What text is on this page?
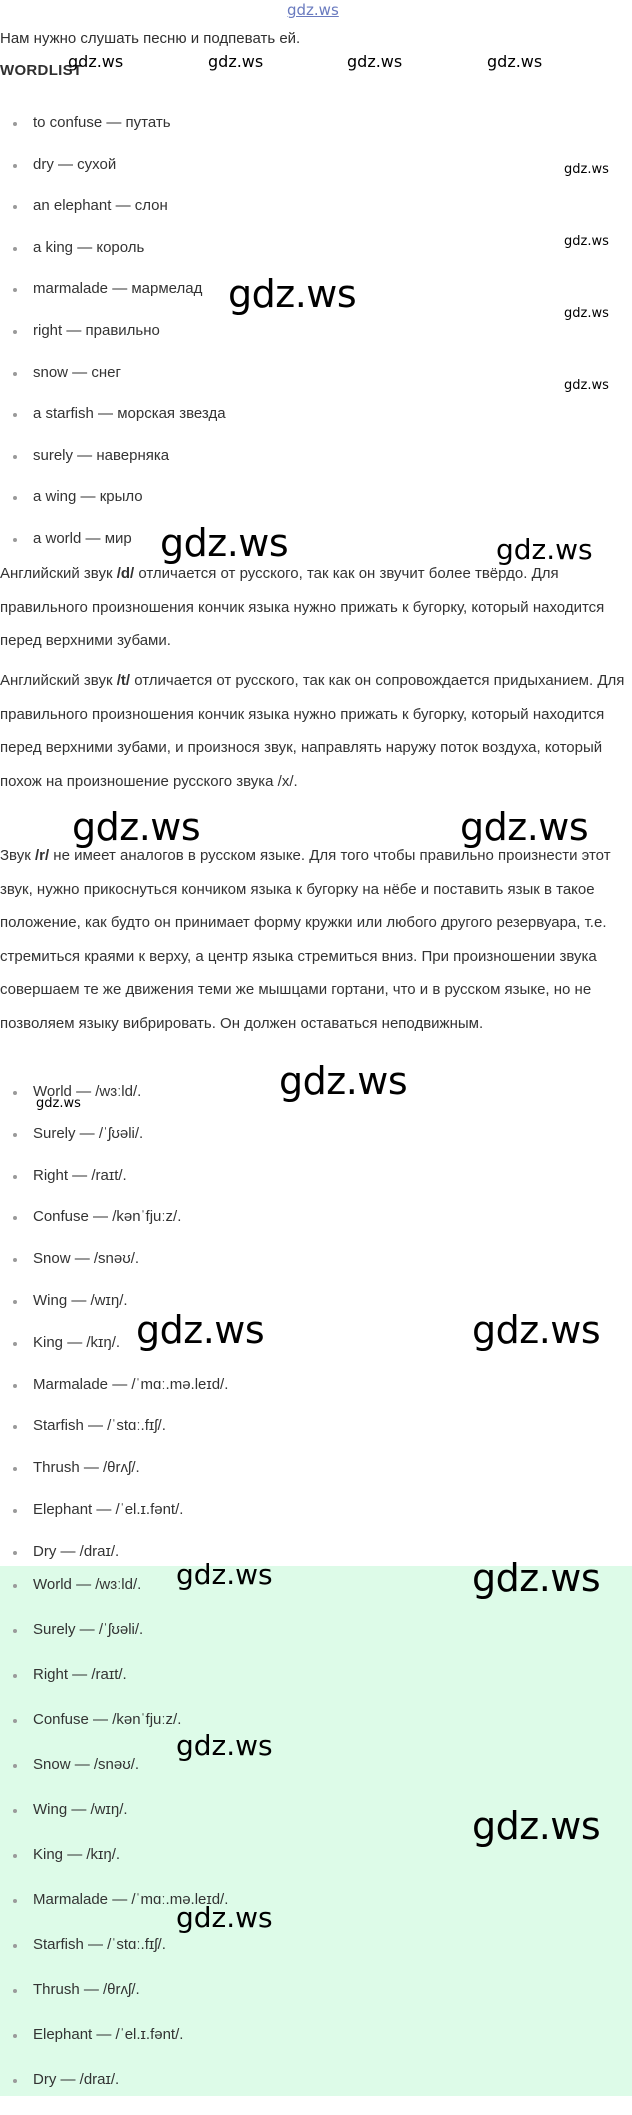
gdz.ws
Нам нужно слушать песню и подпевать ей.
WORDLIST
to confuse — путать
dry — сухой
an elephant — слон
a king — король
marmalade — мармелад
right — правильно
snow — снег
a starfish — морская звезда
surely — наверняка
a wing — крыло
a world — мир

Английский звук /d/ отличается от русского, так как он звучит более твёрдо. Для правильного произношения кончик языка нужно прижать к бугорку, который находится перед верхними зубами.

Английский звук /t/ отличается от русского, так как он сопровождается придыханием. Для правильного произношения кончик языка нужно прижать к бугорку, который находится перед верхними зубами, и произнося звук, направлять наружу поток воздуха, который похож на произношение русского звука /х/.

Звук /r/ не имеет аналогов в русском языке. Для того чтобы правильно произнести этот звук, нужно прикоснуться кончиком языка к бугорку на нёбе и поставить язык в такое положение, как будто он принимает форму кружки или любого другого резервуара, т.е. стремиться краями к верху, а центр языка стремиться вниз. При произношении звука совершаем те же движения теми же мышцами гортани, что и в русском языке, но не позволяем языку вибрировать. Он должен оставаться неподвижным.

World — /wɜːld/.
Surely — /ˈʃʊəli/.
Right — /raɪt/.
Confuse — /kənˈfjuːz/.
Snow — /snəʊ/.
Wing — /wɪŋ/.
King — /kɪŋ/.
Marmalade — /ˈmɑː.mə.leɪd/.
Starfish — /ˈstɑː.fɪʃ/.
Thrush — /θrʌʃ/.
Elephant — /ˈel.ɪ.fənt/.
Dry — /draɪ/.
World — /wɜːld/.
Surely — /ˈʃʊəli/.
Right — /raɪt/.
Confuse — /kənˈfjuːz/.
Snow — /snəʊ/.
Wing — /wɪŋ/.
King — /kɪŋ/.
Marmalade — /ˈmɑː.mə.leɪd/.
Starfish — /ˈstɑː.fɪʃ/.
Thrush — /θrʌʃ/.
Elephant — /ˈel.ɪ.fənt/.
Dry — /draɪ/.
gdz.ws	gdz.ws	gdz.ws	gdz.ws
gdz.ws
gdz.ws
gdz.ws
gdz.ws
gdz.ws
gdz.ws	gdz.ws
gdz.ws	gdz.ws
gdz.ws
gdz.ws
gdz.ws	gdz.ws
gdz.ws	gdz.ws
gdz.ws
gdz.ws
gdz.ws
